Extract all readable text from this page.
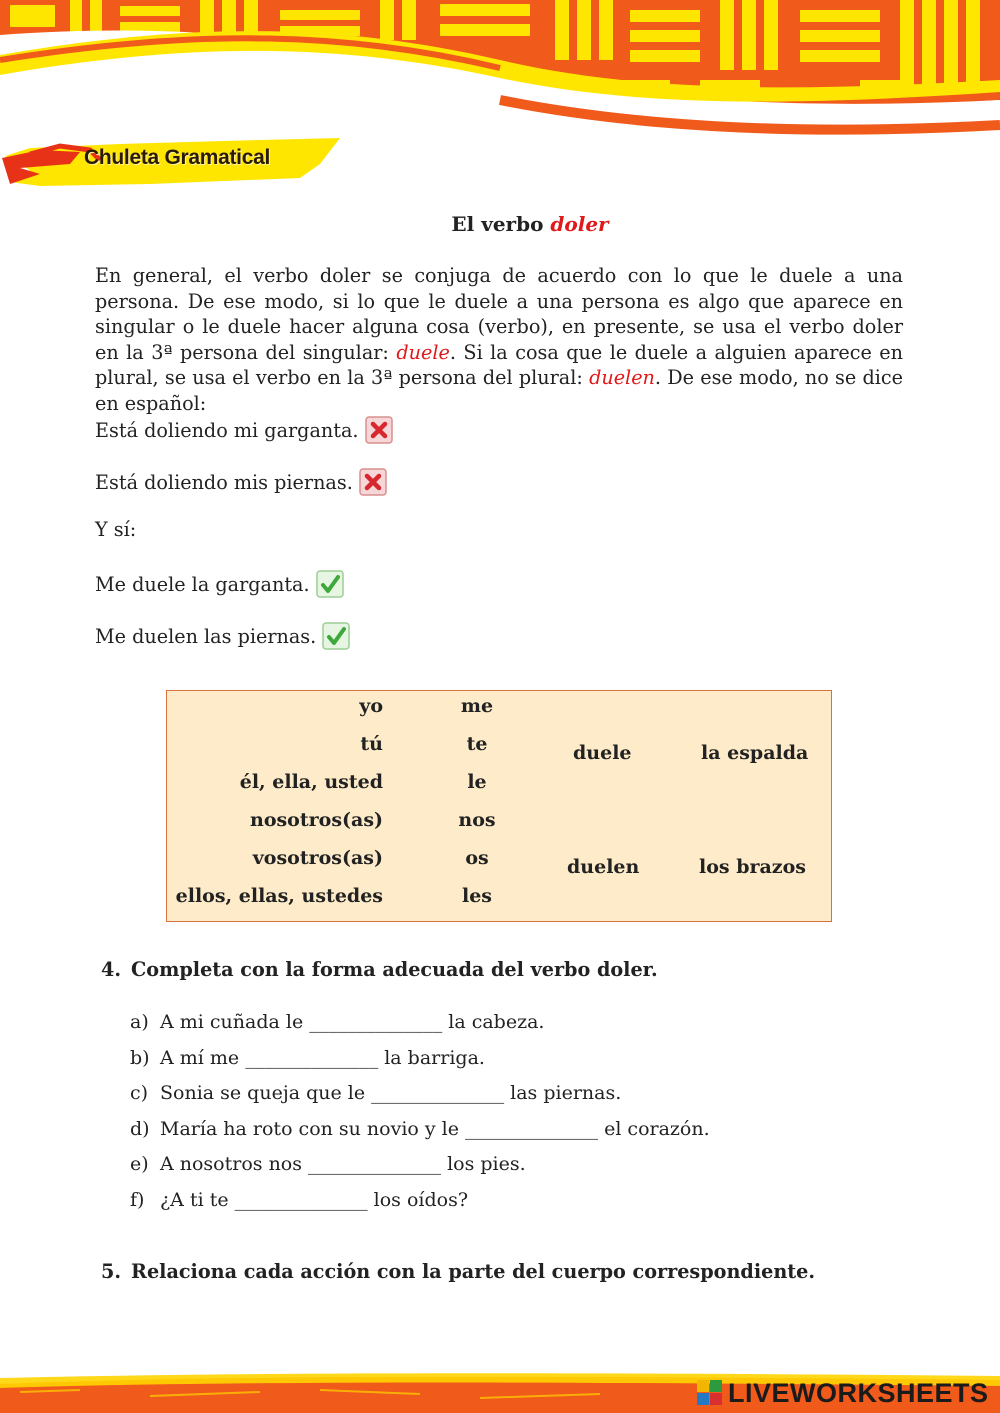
Chuleta Gramatical
El verbo doler
En general, el verbo doler se conjuga de acuerdo con lo que le duele a una persona. De ese modo, si lo que le duele a una persona es algo que aparece en singular o le duele hacer alguna cosa (verbo), en presente, se usa el verbo doler en la 3ª persona del singular: duele. Si la cosa que le duele a alguien aparece en plural, se usa el verbo en la 3ª persona del plural: duelen. De ese modo, no se dice en español:
Está doliendo mi garganta.
Está doliendo mis piernas.
Y sí:
Me duele la garganta.
Me duelen las piernas.
yo
tú
él, ella, usted
nosotros(as)
vosotros(as)
ellos, ellas, ustedes
me
te
le
nos
os
les
duele	la espalda
duelen	los brazos
4. Completa con la forma adecuada del verbo doler.
a) A mi cuñada le ______________ la cabeza.
b) A mí me ______________ la barriga.
c) Sonia se queja que le ______________ las piernas.
d) María ha roto con su novio y le ______________ el corazón.
e) A nosotros nos ______________ los pies.
f) ¿A ti te ______________ los oídos?
5. Relaciona cada acción con la parte del cuerpo correspondiente.
LIVEWORKSHEETS
